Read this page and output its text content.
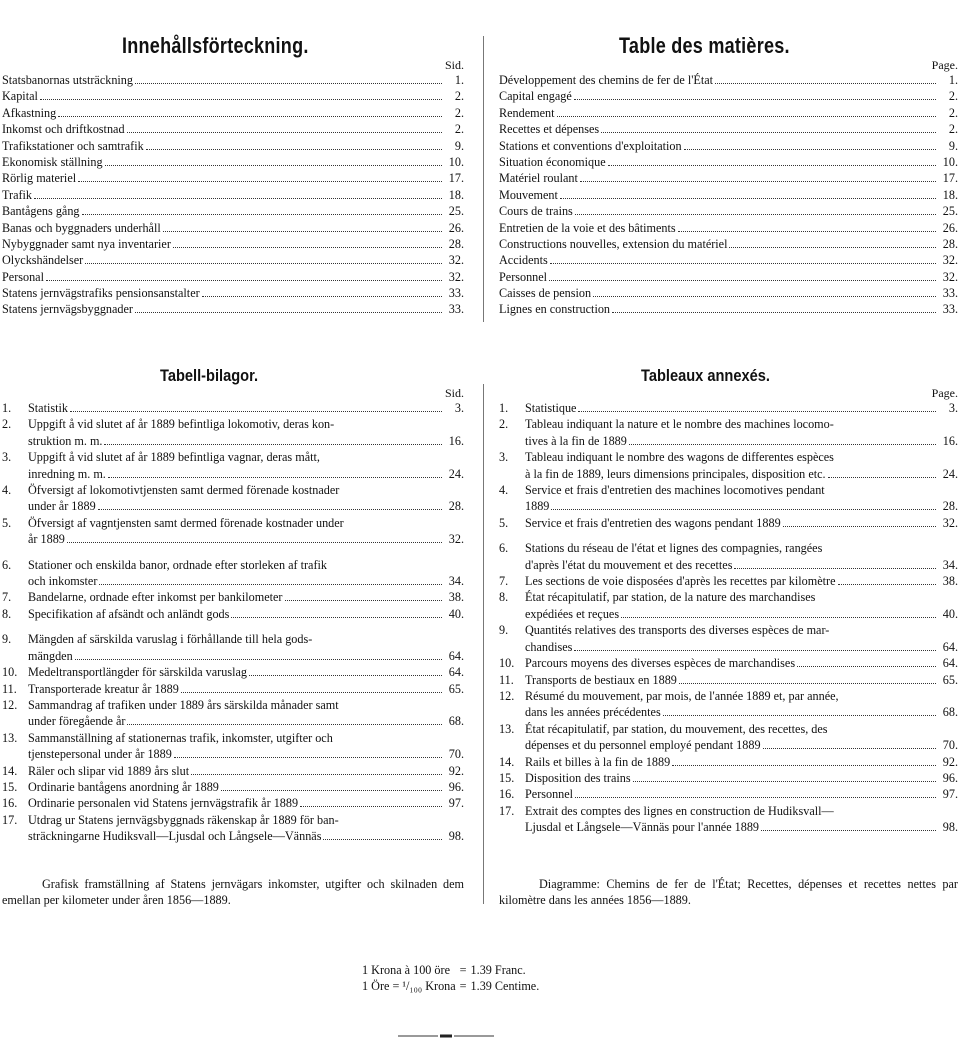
Innehållsförteckning.
Sid.
Statsbanornas utsträckning	1.
Kapital	2.
Afkastning	2.
Inkomst och driftkostnad	2.
Trafikstationer och samtrafik	9.
Ekonomisk ställning	10.
Rörlig materiel	17.
Trafik	18.
Bantågens gång	25.
Banas och byggnaders underhåll	26.
Nybyggnader samt nya inventarier	28.
Olyckshändelser	32.
Personal	32.
Statens jernvägstrafiks pensionsanstalter	33.
Statens jernvägsbyggnader	33.
Table des matières.
Page.
Développement des chemins de fer de l'État	1.
Capital engagé	2.
Rendement	2.
Recettes et dépenses	2.
Stations et conventions d'exploitation	9.
Situation économique	10.
Matériel roulant	17.
Mouvement	18.
Cours de trains	25.
Entretien de la voie et des bâtiments	26.
Constructions nouvelles, extension du matériel	28.
Accidents	32.
Personnel	32.
Caisses de pension	33.
Lignes en construction	33.
Tabell-bilagor.
Sid.
1.	Statistik	3.
2.	Uppgift å vid slutet af år 1889 befintliga lokomotiv, deras kon-
struktion m. m.	16.
3.	Uppgift å vid slutet af år 1889 befintliga vagnar, deras mått,
inredning m. m.	24.
4.	Öfversigt af lokomotivtjensten samt dermed förenade kostnader
under år 1889	28.
5.	Öfversigt af vagntjensten samt dermed förenade kostnader under
år 1889	32.
6.	Stationer och enskilda banor, ordnade efter storleken af trafik
och inkomster	34.
7.	Bandelarne, ordnade efter inkomst per bankilometer	38.
8.	Specifikation af afsändt och anländt gods	40.
9.	Mängden af särskilda varuslag i förhållande till hela gods-
mängden	64.
10. Medeltransportlängder för särskilda varuslag	64.
11. Transporterade kreatur år 1889	65.
12. Sammandrag af trafiken under 1889 års särskilda månader samt
under föregående år	68.
13. Sammanställning af stationernas trafik, inkomster, utgifter och
tjenstepersonal under år 1889	70.
14. Räler och slipar vid 1889 års slut	92.
15. Ordinarie bantågens anordning år 1889	96.
16. Ordinarie personalen vid Statens jernvägstrafik år 1889	97.
17. Utdrag ur Statens jernvägsbyggnads räkenskap år 1889 för ban-
sträckningarne Hudiksvall—Ljusdal och Långsele—Vännäs	98.
Tableaux annexés.
Page.
1.	Statistique	3.
2.	Tableau indiquant la nature et le nombre des machines locomo-
tives à la fin de 1889	16.
3.	Tableau indiquant le nombre des wagons de differentes espèces
à la fin de 1889, leurs dimensions principales, disposition etc.	24.
4.	Service et frais d'entretien des machines locomotives pendant
1889	28.
5.	Service et frais d'entretien des wagons pendant 1889	32.
6.	Stations du réseau de l'état et lignes des compagnies, rangées
d'après l'état du mouvement et des recettes	34.
7.	Les sections de voie disposées d'après les recettes par kilomètre	38.
8.	État récapitulatif, par station, de la nature des marchandises
expédiées et reçues	40.
9.	Quantités relatives des transports des diverses espèces de mar-
chandises	64.
10. Parcours moyens des diverses espèces de marchandises	64.
11. Transports de bestiaux en 1889	65.
12. Résumé du mouvement, par mois, de l'année 1889 et, par année,
dans les années précédentes	68.
13. État récapitulatif, par station, du mouvement, des recettes, des
dépenses et du personnel employé pendant 1889	70.
14. Rails et billes à la fin de 1889	92.
15. Disposition des trains	96.
16. Personnel	97.
17. Extrait des comptes des lignes en construction de Hudiksvall—
Ljusdal et Långsele—Vännäs pour l'année 1889	98.
Grafisk framställning af Statens jernvägars inkomster, utgifter och skilnaden dem emellan per kilometer under åren 1856—1889.
Diagramme: Chemins de fer de l'État; Recettes, dépenses et recettes nettes par kilomètre dans les années 1856—1889.
1 Krona à 100 öre	=	1.39 Franc.
1 Öre = ¹/₁₀₀ Krona	=	1.39 Centime.
